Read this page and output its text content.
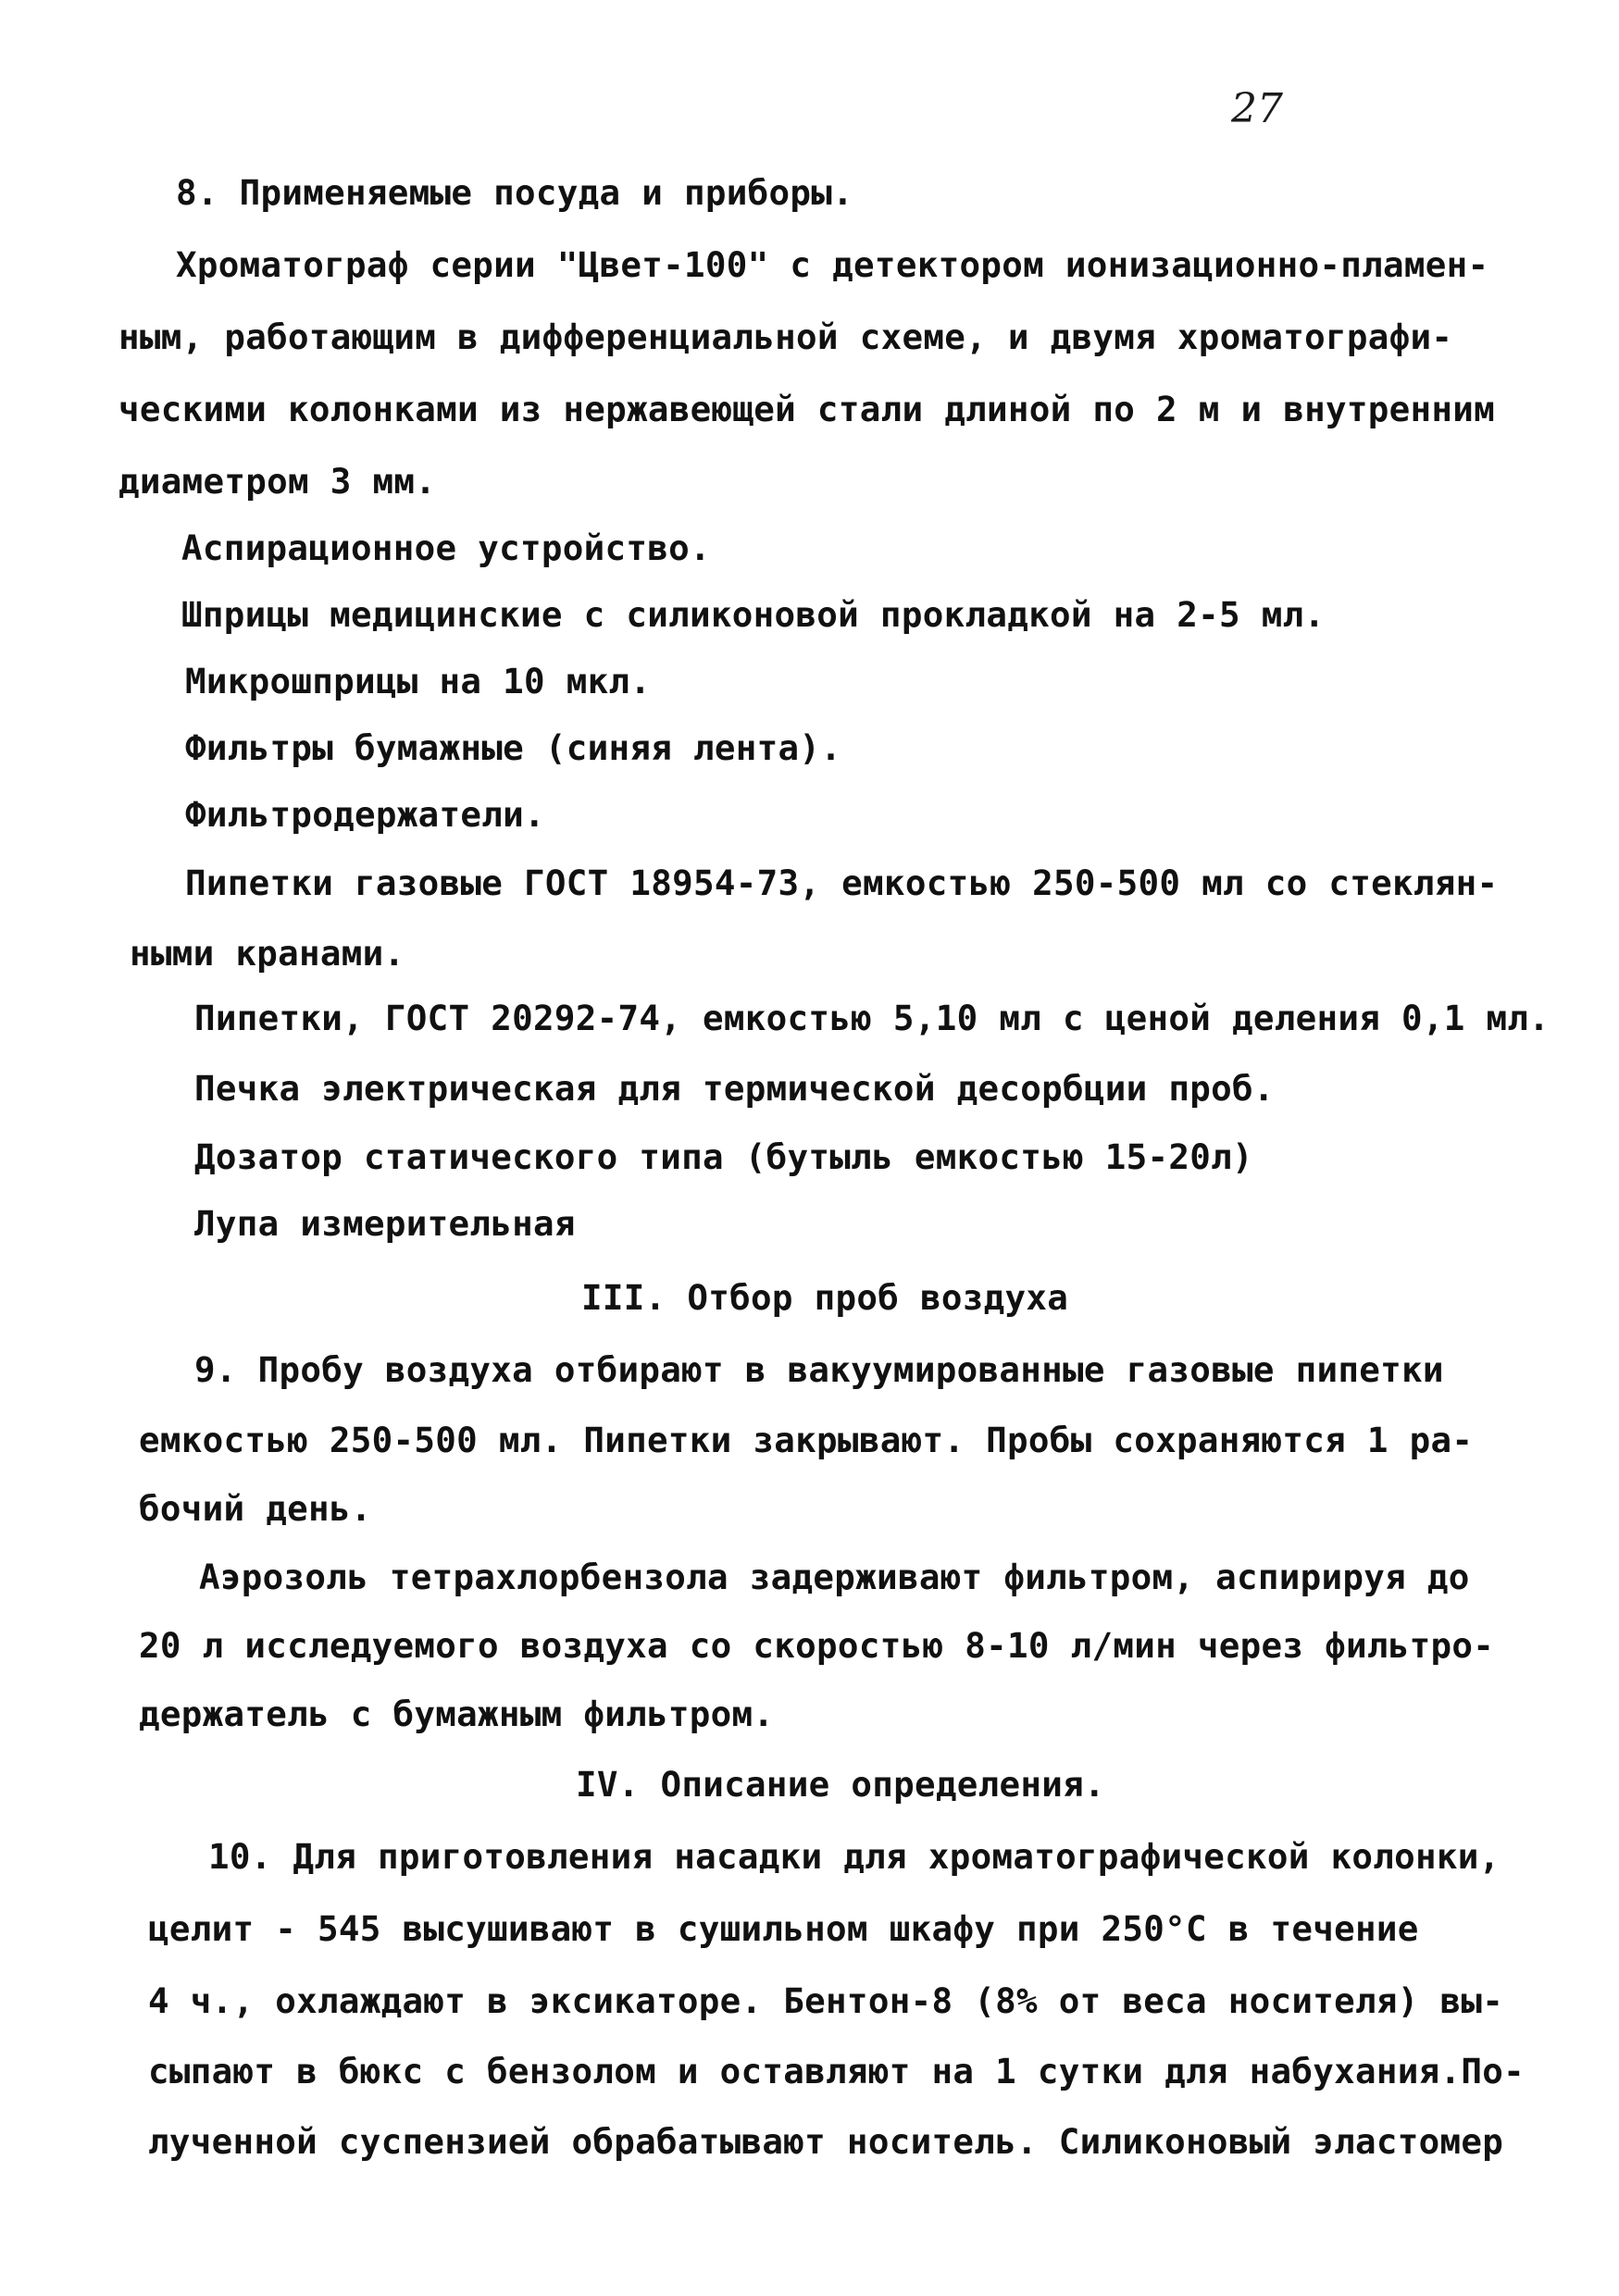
27
8. Применяемые посуда и приборы.
Хроматограф серии "Цвет-100" с детектором ионизационно-пламен-
ным, работающим в дифференциальной схеме, и двумя хроматографи-
ческими колонками из нержавеющей стали длиной по 2 м и внутренним
диаметром 3 мм.
Аспирационное устройство.
Шприцы медицинские с силиконовой прокладкой на 2-5 мл.
Микрошприцы на 10 мкл.
Фильтры бумажные (синяя лента).
Фильтродержатели.
Пипетки газовые ГОСТ 18954-73, емкостью 250-500 мл со стеклян-
ными кранами.
Пипетки, ГОСТ 20292-74, емкостью 5,10 мл с ценой деления 0,1 мл.
Печка электрическая для термической десорбции проб.
Дозатор статического типа (бутыль емкостью 15-20л)
Лупа измерительная
III. Отбор проб воздуха
9. Пробу воздуха отбирают в вакуумированные газовые пипетки
емкостью 250-500 мл. Пипетки закрывают. Пробы сохраняются 1 ра-
бочий день.
Аэрозоль тетрахлорбензола задерживают фильтром, аспирируя до
20 л исследуемого воздуха со скоростью 8-10 л/мин через фильтро-
держатель с бумажным фильтром.
IV. Описание определения.
10. Для приготовления насадки для хроматографической колонки,
целит - 545 высушивают в сушильном шкафу при 250°С в течение
4 ч., охлаждают в эксикаторе. Бентон-8 (8% от веса носителя) вы-
сыпают в бюкс с бензолом и оставляют на 1 сутки для набухания.По-
лученной суспензией обрабатывают носитель. Силиконовый эластомер
